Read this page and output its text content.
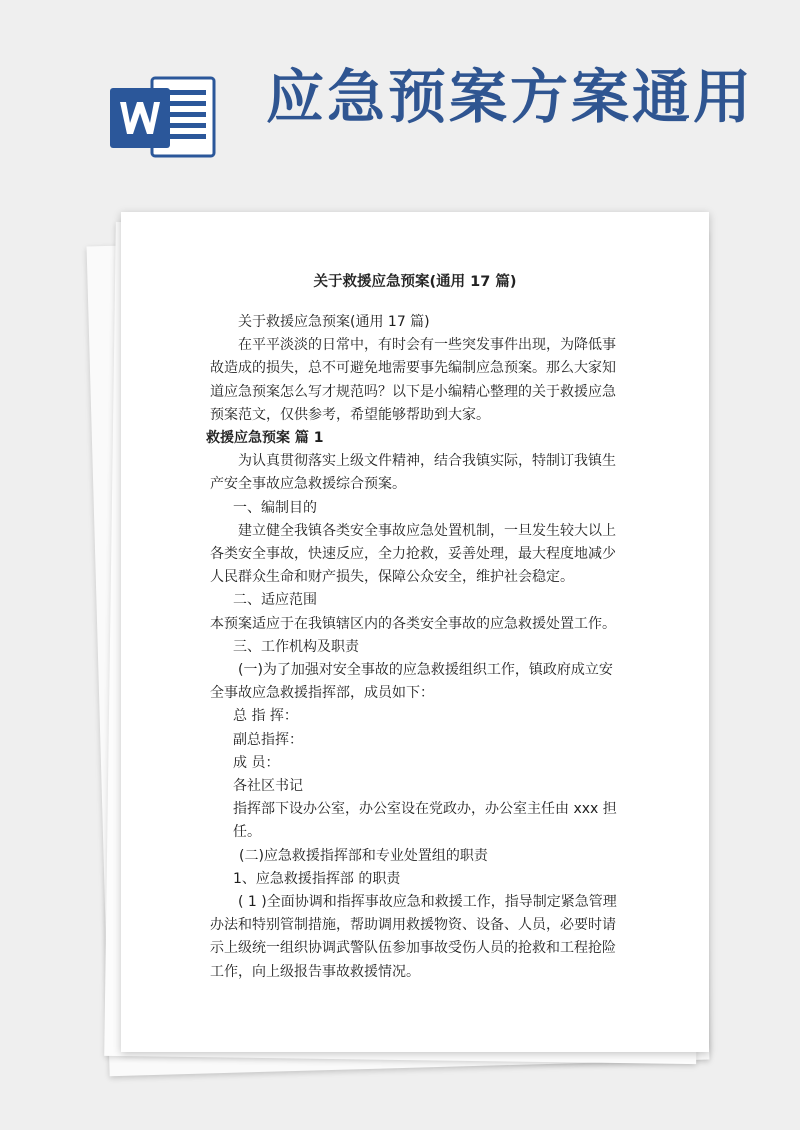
应急预案方案通用
关于救援应急预案(通用 17 篇)

关于救援应急预案(通用 17 篇)

在平平淡淡的日常中，有时会有一些突发事件出现，为降低事故造成的损失，总不可避免地需要事先编制应急预案。那么大家知道应急预案怎么写才规范吗？以下是小编精心整理的关于救援应急预案范文，仅供参考，希望能够帮助到大家。

救援应急预案 篇 1

为认真贯彻落实上级文件精神，结合我镇实际，特制订我镇生产安全事故应急救援综合预案。

一、编制目的

建立健全我镇各类安全事故应急处置机制，一旦发生较大以上各类安全事故，快速反应，全力抢救，妥善处理，最大程度地减少人民群众生命和财产损失，保障公众安全，维护社会稳定。

二、适应范围

本预案适应于在我镇辖区内的各类安全事故的应急救援处置工作。

三、工作机构及职责

(一)为了加强对安全事故的应急救援组织工作，镇政府成立安全事故应急救援指挥部，成员如下：

总 指 挥：

副总指挥：

成 员：

各社区书记

指挥部下设办公室，办公室设在党政办，办公室主任由 xxx 担任。

(二)应急救援指挥部和专业处置组的职责

1、应急救援指挥部 的职责

( 1 )全面协调和指挥事故应急和救援工作，指导制定紧急管理办法和特别管制措施，帮助调用救援物资、设备、人员，必要时请示上级统一组织协调武警队伍参加事故受伤人员的抢救和工程抢险工作，向上级报告事故救援情况。
